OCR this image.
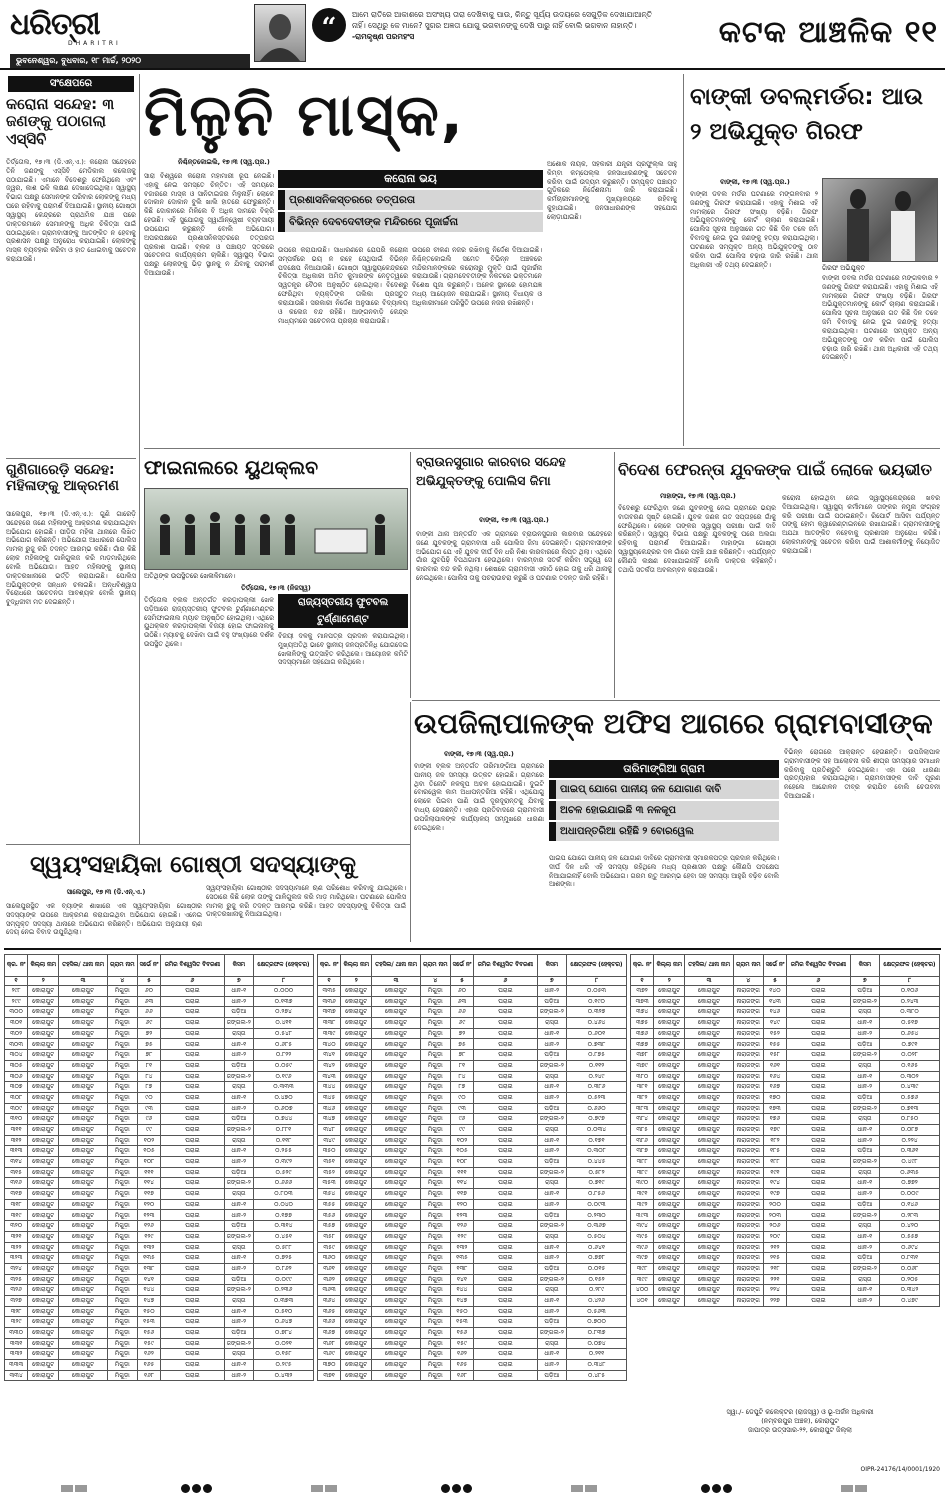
ଧରିତ୍ରୀ
DHARITRI
ଭୁବନେଶ୍ୱର, ବୁଧବାର, ୧୮ ମାର୍ଚ୍ଚ, ୨୦୨୦
“	ଆମେ ରାତିରେ ଆକାଶରେ ଅସଂଖ୍ୟ ତାରା ଦେଖିବାକୁ ପାଉ, କିନ୍ତୁ ସୂର୍ଯ୍ୟ ଉଦୟରେ ସେଗୁଡ଼ିକ ଦେଖାଯାଆନ୍ତି ନାହିଁ। ସେଥିରୁ କେ ମାନେ? ସୁଗର ଅଜ୍ଞତା ଯୋଗୁ ଭଗବାନଙ୍କୁ ଦେଖି ପାରୁ ନାହିଁ ବୋଲି ଭଗବାନ ନାହାନ୍ତି। -ରାମକୃଷ୍ଣ ପରମହଂସ	କଟକ ଆଞ୍ଚଳିକ ୧୧
ସଂକ୍ଷେପରେ
କରୋନା ସନ୍ଦେହ: ୩ ଜଣଙ୍କୁ ପଠାଗଲା ଏସ୍‌ସିବି
ତିର୍ତ୍ତୋଲ, ୧୭।୩ (ଡି.ଏନ୍‌.ଏ.): କରୋନା ସନ୍ଦେହରେ ତିନି ଜଣଙ୍କୁ ଏସ୍‌ସିବି ମେଡିକାଲ କଲେଜକୁ ପଠାଯାଇଛି। ଏମାନେ ବିଦେଶରୁ ଫେରିଥିଲେ ଏବଂ ଜ୍ୱର, କାଶ ଭଳି ଲକ୍ଷଣ ଦେଖାଦେଇଥିଲା। ସ୍ୱାସ୍ଥ୍ୟ ବିଭାଗ ପକ୍ଷରୁ ସେମାନଙ୍କ ପରିବାର ଲୋକଙ୍କୁ ମଧ୍ୟ ଘରେ ରହିବାକୁ ପରାମର୍ଶ ଦିଆଯାଇଛି। ସ୍ଥାନୀୟ ଗୋଷ୍ଠୀ ସ୍ୱାସ୍ଥ୍ୟ କେନ୍ଦ୍ରରେ ପ୍ରାଥମିକ ଯାଞ୍ଚ ପରେ ଡାକ୍ତରମାନେ ସେମାନଙ୍କୁ ଅଧିକ ଚିକିତ୍ସା ପାଇଁ ପଠାଇଥିଲେ। ଗ୍ରାମବାସୀଙ୍କୁ ଆତଙ୍କିତ ନ ହେବାକୁ ପ୍ରଶାସନ ପକ୍ଷରୁ ଅନୁରୋଧ କରାଯାଇଛି। ଲୋକଙ୍କୁ ମାସ୍କ ବ୍ୟବହାର କରିବା ଓ ହାତ ଧୋଇବାକୁ ସଚେତନ କରାଯାଉଛି।
ଗୁଣିଗାରେଡ଼ି ସନ୍ଦେହ: ମହିଳାଙ୍କୁ ଆକ୍ରମଣ
ସାଲେପୁର, ୧୭।୩ (ଡି.ଏନ୍‌.ଏ.): ଗୁଣି ଗାରେଡ଼ି ସନ୍ଦେହରେ ଜଣେ ମହିଳାଙ୍କୁ ଆକ୍ରମଣ କରାଯାଇଥିବା ଅଭିଯୋଗ ହୋଇଛି। ପୀଡ଼ିତା ମହିଳା ଥାନାରେ ଲିଖିତ ଅଭିଯୋଗ କରିଛନ୍ତି। ଅଭିଯୋଗ ଆଧାରରେ ପୋଲିସ ମାମଲା ରୁଜୁ କରି ତଦନ୍ତ ଆରମ୍ଭ କରିଛି। ଗାଁର କିଛି ଲୋକ ମହିଳାଙ୍କୁ ଗାଳିଗୁଲଜ କରି ମାଡ଼ମାରିଥିଲେ ବୋଲି ଅଭିଯୋଗ। ଆହତ ମହିଳାଙ୍କୁ ସ୍ଥାନୀୟ ଡାକ୍ତରଖାନାରେ ଭର୍ତ୍ତି କରାଯାଇଛି। ପୋଲିସ ଅଭିଯୁକ୍ତଙ୍କ ସନ୍ଧାନ ଚଳାଇଛି। ଅନ୍ଧବିଶ୍ୱାସ ବିରୋଧରେ ସଚେତନତା ଆବଶ୍ୟକ ବୋଲି ସ୍ଥାନୀୟ ବୁଦ୍ଧିଜୀବୀ ମତ ଦେଇଛନ୍ତି।
ମିଳୁନି ମାସ୍କ,
ନିଶ୍ଚିନ୍ତକୋଇଲି, ୧୭।୩ (ସ୍ୱ.ପ୍ର.)
କରୋନା ଭୟ
ପ୍ରଶାସନିକସ୍ତରରେ ତତ୍ପରତା
ବିଭିନ୍ନ ଦେବଦେବୀଙ୍କ ମନ୍ଦିରରେ ପୂଜାର୍ଚ୍ଚନା
ସାରା ବିଶ୍ୱରେ କରୋନା ମହାମାରୀ ରୂପ ନେଇଛି। ଏହାକୁ ନେଇ ସମସ୍ତେ ଚିନ୍ତିତ। ଏହି ସମୟରେ ବଜାରରେ ମାସ୍କ ଓ ସାନିଟାଇଜର ମିଳୁନାହିଁ। ଲୋକେ ଦୋକାନ ଦୋକାନ ବୁଲି ଖାଲି ହାତରେ ଫେରୁଛନ୍ତି। କିଛି ଦୋକାନରେ ମିଳିଲେ ବି ଅଧିକ ଦାମରେ ବିକ୍ରି ହେଉଛି। ଏହି ସୁଯୋଗକୁ ସ୍ୱାର୍ଥାନ୍ୱେଷୀ ବ୍ୟବସାୟୀ ଉପଯୋଗ କରୁଛନ୍ତି ବୋଲି ଅଭିଯୋଗ। ଅପରପକ୍ଷରେ ପ୍ରଶାସନିକସ୍ତରରେ ତତ୍ପରତା ପ୍ରକାଶ ପାଇଛି। ବ୍ଲକ ଓ ପଞ୍ଚାୟତ ସ୍ତରରେ ସଚେତନତା କାର୍ଯ୍ୟକ୍ରମ ଚାଲିଛି। ସ୍ୱାସ୍ଥ୍ୟ ବିଭାଗ ପକ୍ଷରୁ ଲୋକଙ୍କୁ ଭିଡ଼ ସ୍ଥାନକୁ ନ ଯିବାକୁ ପରାମର୍ଶ ଦିଆଯାଉଛି।
ଉପରେ କରାଯାଉଛି। ସାଧାରଣରେ ଯେପରି କରୋନା ସମ୍ପର୍କରେ ଭୟ ନ ରହେ ସେଥିପାଇଁ ବିଭିନ୍ନ ପଦକ୍ଷେପ ନିଆଯାଉଛି। ଗୋଷ୍ଠୀ ସ୍ୱାସ୍ଥ୍ୟକେନ୍ଦ୍ରରେ ଚିକିତ୍ସା ଅଧିକାରୀ ଅମିତ କୁମାରଙ୍କ ନେତୃତ୍ୱରେ ସ୍ୱତନ୍ତ୍ର ବୈଠକ ଅନୁଷ୍ଠିତ ହୋଇଥିଲା। ବିଦେଶରୁ ଫେରିଥିବା ବ୍ୟକ୍ତିଙ୍କ ତାଲିକା ପ୍ରସ୍ତୁତ କରାଯାଉଛି। ସରକାରୀ ନିର୍ଦ୍ଦେଶ ଅନୁସାରେ ବିଦ୍ୟାଳୟ ଓ କଲେଜ ବନ୍ଦ ରହିଛି। ଆଙ୍ଗନବାଡ଼ି କେନ୍ଦ୍ର ମାଧ୍ୟମରେ ସଚେତନତା ପ୍ରଚାର କରାଯାଉଛି।
ଉପରେ ଚୀକଣ ନଜର ରଖିବାକୁ ନିର୍ଦ୍ଦେଶ ଦିଆଯାଇଛି। ନିଶ୍ଚିନ୍ତକୋଇଲି ସମେତ ବିଭିନ୍ନ ଅଞ୍ଚଳରେ ମନ୍ଦିରମାନଙ୍କରେ କରୋନାରୁ ମୁକ୍ତି ପାଇଁ ପୂଜାର୍ଚ୍ଚନା କରାଯାଉଛି। ଗ୍ରାମଦେବତୀଙ୍କ ନିକଟରେ ଭକ୍ତମାନେ ବିଶେଷ ପୂଜା କରୁଛନ୍ତି। ଅନେକ ସ୍ଥାନରେ ହୋମଯଜ୍ଞ ମଧ୍ୟ ଆୟୋଜନ କରାଯାଇଛି। ସ୍ଥାନୀୟ ବିଧାୟକ ଓ ଅଧିକାରୀମାନେ ପରିସ୍ଥିତି ଉପରେ ନଜର ରଖିଛନ୍ତି।
ଅଶୋକ ନାୟକ, ସହକାରୀ ଯନ୍ତ୍ରୀ ପ୍ରଫୁଲ୍ଲ ସାହୁ କିମ୍ବା କମ୍ପେଲ୍ଲ ଜନସାଧାରଣଙ୍କୁ ସଚେତନ କରିବା ପାଇଁ ଉଦ୍ୟମ କରୁଛନ୍ତି। ସମ୍ପୃକ୍ତ ପଞ୍ଚାୟତ ଗୁଡ଼ିକରେ ନିର୍ଦ୍ଦେଶନାମା ଜାରି କରାଯାଇଛି। କର୍ମଚାରୀମାନଙ୍କୁ ମୁଖ୍ୟାଳୟରେ ରହିବାକୁ କୁହାଯାଇଛି। ଜନସାଧାରଣଙ୍କ ସହଯୋଗ ଲୋଡ଼ାଯାଇଛି।
ବାଙ୍କୀ ଡବଲ୍‌ମର୍ଡର: ଆଉ ୨ ଅଭିଯୁକ୍ତ ଗିରଫ
ବାଙ୍କୀ, ୧୭।୩ (ସ୍ୱ.ପ୍ର.)
ବାଙ୍କୀ ଡବଲ ମର୍ଡର ଘଟଣାରେ ମଙ୍ଗଳବାର ୨ ଜଣଙ୍କୁ ଗିରଫ କରାଯାଇଛି। ଏହାକୁ ମିଶାଇ ଏହି ମାମଲାରେ ଗିରଫ ସଂଖ୍ୟା ବଢ଼ିଛି। ଗିରଫ ଅଭିଯୁକ୍ତମାନଙ୍କୁ କୋର୍ଟ ଚାଲାଣ କରାଯାଇଛି। ପୋଲିସ ସୂଚନା ଅନୁସାରେ ଗତ କିଛି ଦିନ ତଳେ ଜମି ବିବାଦକୁ ନେଇ ଦୁଇ ଜଣଙ୍କୁ ହତ୍ୟା କରାଯାଇଥିଲା। ଘଟଣାରେ ସମ୍ପୃକ୍ତ ଅନ୍ୟ ଅଭିଯୁକ୍ତଙ୍କୁ ଠାବ କରିବା ପାଇଁ ପୋଲିସ ଚଢ଼ାଉ ଜାରି ରଖିଛି। ଥାନା ଅଧିକାରୀ ଏହି ତଥ୍ୟ ଦେଇଛନ୍ତି।	ଗିରଫ ଅଭିଯୁକ୍ତ
ବାଙ୍କୀ ଡବଲ ମର୍ଡର ଘଟଣାରେ ମଙ୍ଗଳବାର ୨ ଜଣଙ୍କୁ ଗିରଫ କରାଯାଇଛି। ଏହାକୁ ମିଶାଇ ଏହି ମାମଲାରେ ଗିରଫ ସଂଖ୍ୟା ବଢ଼ିଛି। ଗିରଫ ଅଭିଯୁକ୍ତମାନଙ୍କୁ କୋର୍ଟ ଚାଲାଣ କରାଯାଇଛି। ପୋଲିସ ସୂଚନା ଅନୁସାରେ ଗତ କିଛି ଦିନ ତଳେ ଜମି ବିବାଦକୁ ନେଇ ଦୁଇ ଜଣଙ୍କୁ ହତ୍ୟା କରାଯାଇଥିଲା। ଘଟଣାରେ ସମ୍ପୃକ୍ତ ଅନ୍ୟ ଅଭିଯୁକ୍ତଙ୍କୁ ଠାବ କରିବା ପାଇଁ ପୋଲିସ ଚଢ଼ାଉ ଜାରି ରଖିଛି। ଥାନା ଅଧିକାରୀ ଏହି ତଥ୍ୟ ଦେଇଛନ୍ତି।
ଫାଇନାଲରେ ୟୁଥକ୍ଲବ
ଅତିଥିଙ୍କ ଉପସ୍ଥିତରେ ଖେଳାଳିମାନେ।
ତିର୍ତ୍ତୋଲ, ୧୭।୩ (ନିଜସ୍ୱ)
ରାଜ୍ୟସ୍ତରୀୟ ଫୁଟବଲ ଟୁର୍ଣ୍ଣାମେଣ୍ଟ
ତିର୍ତ୍ତୋଲ ବ୍ଲକ ଅନ୍ତର୍ଗତ କରଡ଼ାପଲ୍ଲୀ ଖେଳ ପଡ଼ିଆରେ ରାଜ୍ୟସ୍ତରୀୟ ଫୁଟବଲ ଟୁର୍ଣ୍ଣାମେଣ୍ଟର ସେମିଫାଇନାଲ ମ୍ୟାଚ ଅନୁଷ୍ଠିତ ହୋଇଥିଲା। ଏଥିରେ ୟୁଥକ୍ଲବ କରଡ଼ାପଲ୍ଲୀ ବିଜୟୀ ହୋଇ ଫାଇନାଲକୁ ଉଠିଛି। ମ୍ୟାଚକୁ ଦେଖିବା ପାଇଁ ବହୁ ସଂଖ୍ୟାରେ ଦର୍ଶକ ଉପସ୍ଥିତ ଥିଲେ।
ବିଜୟୀ ଦଳକୁ ମାନପତ୍ର ପ୍ରଦାନ କରାଯାଇଥିଲା। ମୁଖ୍ୟଅତିଥି ଭାବେ ସ୍ଥାନୀୟ ଜନପ୍ରତିନିଧି ଯୋଗଦେଇ ଖେଳାଳିଙ୍କୁ ଉତ୍ସାହିତ କରିଥିଲେ। ଆୟୋଜକ କମିଟି ସଦସ୍ୟମାନେ ସହଯୋଗ କରିଥିଲେ।
ବ୍ରାଉନସୁଗାର କାରବାର ସନ୍ଦେହ ଅଭିଯୁକ୍ତଙ୍କୁ ପୋଲିସ ଜିମା
ବାଙ୍କୀ, ୧୭।୩ (ସ୍ୱ.ପ୍ର.)
ବାଙ୍କୀ ଥାନା ଅନ୍ତର୍ଗତ ଏକ ଗ୍ରାମରେ ବ୍ରାଉନସୁଗାର କାରବାର ସନ୍ଦେହରେ ଜଣେ ଯୁବକଙ୍କୁ ଗ୍ରାମବାସୀ ଧରି ପୋଲିସ ଜିମା ଦେଇଛନ୍ତି। ଗ୍ରାମବାସୀଙ୍କ ଅଭିଯୋଗ ଯେ ଏହି ଯୁବକ ଦୀର୍ଘ ଦିନ ଧରି ନିଶା କାରବାରରେ ଲିପ୍ତ ଥିଲା। ଏଥିରେ ଗାଁର ଯୁବପିଢ଼ି ବିପଥଗାମୀ ହେଉଥିଲେ। ବାରମ୍ବାର ସତର୍କ କରିବା ସତ୍ତ୍ୱେ ସେ କାରବାର ବନ୍ଦ କରି ନଥିଲା। ଶେଷରେ ଗ୍ରାମବାସୀ ଏକାଠି ହୋଇ ତାକୁ ଧରି ଥାନାକୁ ନେଇଥିଲେ। ପୋଲିସ ତାକୁ ପଚରାଉଚରା କରୁଛି ଓ ଘଟଣାର ତଦନ୍ତ ଜାରି ରହିଛି।
ବିଦେଶ ଫେରନ୍ତା ଯୁବକଙ୍କ ପାଇଁ ଲୋକେ ଭୟଭୀତ
ମାହାଙ୍ଗା, ୧୭।୩ (ସ୍ୱ.ପ୍ର.)
ବିଦେଶରୁ ଫେରିଥିବା ଜଣେ ଯୁବକଙ୍କୁ ନେଇ ଗ୍ରାମରେ ଭୟର ବାତାବରଣ ସୃଷ୍ଟି ହୋଇଛି। ଯୁବକ ଜଣକ ଗତ ସପ୍ତାହରେ ଗାଁକୁ ଫେରିଥିଲେ। ଲୋକେ ତାଙ୍କର ସ୍ୱାସ୍ଥ୍ୟ ପରୀକ୍ଷା ପାଇଁ ଦାବି କରିଛନ୍ତି। ସ୍ୱାସ୍ଥ୍ୟ ବିଭାଗ ପକ୍ଷରୁ ଯୁବକଙ୍କୁ ଘରେ ଅଲଗା ରହିବାକୁ ପରାମର୍ଶ ଦିଆଯାଇଛି। ମାହାଙ୍ଗା ଗୋଷ୍ଠୀ ସ୍ୱାସ୍ଥ୍ୟକେନ୍ଦ୍ରର ଦଳ ଗାଁରେ ପହଞ୍ଚି ଯାଞ୍ଚ କରିଛନ୍ତି। ଏପର୍ଯ୍ୟନ୍ତ କୌଣସି ଲକ୍ଷଣ ଦେଖାଯାଇନାହିଁ ବୋଲି ଡାକ୍ତର କହିଛନ୍ତି। ତଥାପି ସତର୍କତା ଅବଲମ୍ବନ କରାଯାଉଛି।
କରୋନା ହୋଇଥିବା ନେଇ ସ୍ୱାସ୍ଥ୍ୟକେନ୍ଦ୍ରରେ ଖବର ଦିଆଯାଇଥିଲା। ସ୍ୱାସ୍ଥ୍ୟ କର୍ମୀମାନେ ତାଙ୍କର ନମୁନା ସଂଗ୍ରହ କରି ପରୀକ୍ଷା ପାଇଁ ପଠାଇଛନ୍ତି। ରିପୋର୍ଟ ଆସିବା ପର୍ଯ୍ୟନ୍ତ ତାଙ୍କୁ ହୋମ କ୍ୱାରେଣ୍ଟାଇନରେ ରଖାଯାଇଛି। ଗ୍ରାମବାସୀଙ୍କୁ ଅଯଥା ଆତଙ୍କିତ ନହେବାକୁ ପ୍ରଶାସନ ଅନୁରୋଧ କରିଛି। ଲୋକମାନଙ୍କୁ ସଚେତନ କରିବା ପାଇଁ ଆଶାକର୍ମୀଙ୍କୁ ନିୟୋଜିତ କରାଯାଇଛି।
ଉପଜିଲାପାଳଙ୍କ ଅଫିସ ଆଗରେ ଗ୍ରାମବାସୀଙ୍କ
ବାଙ୍କୀ, ୧୭।୩ (ସ୍ୱ.ପ୍ର.)
ତାରିମାଙ୍ଗିଆ ଗ୍ରାମ
ପାଇପ୍‌ ଯୋଗେ ପାନୀୟ ଜଳ ଯୋଗାଣ ଦାବି
ଅଚଳ ହୋଇଯାଇଛି ୩ ନଳକୂପ
ଅଧାପନ୍ତରିଆ ରହିଛି ୨ ବୋରୱେଲ
ବାଙ୍କୀ ବ୍ଲକ ଅନ୍ତର୍ଗତ ତାରିମାଙ୍ଗିଆ ଗ୍ରାମରେ ପାନୀୟ ଜଳ ସମସ୍ୟା ଉତ୍କଟ ହୋଇଛି। ଗ୍ରାମରେ ଥିବା ତିନୋଟି ନଳକୂପ ଅଚଳ ହୋଇଯାଇଛି। ଦୁଇଟି ବୋରୱେଲ କାମ ଅଧାପନ୍ତରିଆ ରହିଛି। ଏଥିଯୋଗୁ ଲୋକେ ପିଇବା ପାଣି ପାଇଁ ଦୂରଦୂରାନ୍ତକୁ ଯିବାକୁ ବାଧ୍ୟ ହେଉଛନ୍ତି। ଏହାର ପ୍ରତିବାଦରେ ଗ୍ରାମବାସୀ ଉପଜିଲାପାଳଙ୍କ କାର୍ଯ୍ୟାଳୟ ସମ୍ମୁଖରେ ଧାରଣା ଦେଇଥିଲେ।
ପାଇପ ଯୋଗେ ପାନୀୟ ଜଳ ଯୋଗାଣ ଦାବିରେ ଗ୍ରାମବାସୀ ସ୍ମାରକପତ୍ର ପ୍ରଦାନ କରିଥିଲେ। ଦୀର୍ଘ ଦିନ ଧରି ଏହି ସମସ୍ୟା ରହିଥିଲେ ମଧ୍ୟ ପ୍ରଶାସନ ପକ୍ଷରୁ କୌଣସି ପଦକ୍ଷେପ ନିଆଯାଇନାହିଁ ବୋଲି ଅଭିଯୋଗ। ଗରମ ଋତୁ ଆରମ୍ଭ ହେବା ସହ ସମସ୍ୟା ଆହୁରି ବଢ଼ିବ ବୋଲି ଆଶଙ୍କା।
ବିଭିନ୍ନ ରୋଗରେ ଆକ୍ରାନ୍ତ ହେଉଛନ୍ତି। ଉପଜିଲାପାଳ ଗ୍ରାମବାସୀଙ୍କ ସହ ଆଲୋଚନା କରି ଶୀଘ୍ର ସମସ୍ୟାର ସମାଧାନ କରିବାକୁ ପ୍ରତିଶ୍ରୁତି ଦେଇଥିଲେ। ଏହା ପରେ ଧାରଣା ପ୍ରତ୍ୟାହାର କରାଯାଇଥିଲା। ଗ୍ରାମବାସୀଙ୍କ ଦାବି ପୂରଣ ନହେଲେ ଆନ୍ଦୋଳନ ତୀବ୍ର କରାଯିବ ବୋଲି ଚେତାବନୀ ଦିଆଯାଇଛି।
ସ୍ୱୟଂସହାୟିକା ଗୋଷ୍ଠୀ ସଦସ୍ୟାଙ୍କୁ
ସାଲେପୁର, ୧୭।୩ (ଡି.ଏନ୍‌.ଏ.)
ସାଲେପୁରସ୍ଥିତ ଏକ ବ୍ୟାଙ୍କ ଶାଖାରେ ଏକ ସ୍ୱୟଂସହାୟିକା ଗୋଷ୍ଠୀର ସଦସ୍ୟାଙ୍କ ଉପରେ ଆକ୍ରମଣ କରାଯାଇଥିବା ଅଭିଯୋଗ ହୋଇଛି। ଏନେଇ ସମ୍ପୃକ୍ତ ସଦସ୍ୟା ଥାନାରେ ଅଭିଯୋଗ କରିଛନ୍ତି। ଅଭିଯୋଗ ଅନୁଯାୟୀ ଋଣ ଦେୟ ନେଇ ବିବାଦ ଉପୁଜିଥିଲା।
ସ୍ୱୟଂସହାୟିକା ଗୋଷ୍ଠୀର ସଦସ୍ୟାମାନେ ଋଣ ପରିଶୋଧ କରିବାକୁ ଯାଇଥିଲେ। ସେଠାରେ କିଛି ଲୋକ ତାଙ୍କୁ ଗାଳିଗୁଲଜ କରି ମାଡ଼ ମାରିଥିଲେ। ଘଟଣାରେ ପୋଲିସ ମାମଲା ରୁଜୁ କରି ତଦନ୍ତ ଆରମ୍ଭ କରିଛି। ଆହତ ସଦସ୍ୟାଙ୍କୁ ଚିକିତ୍ସା ପାଇଁ ଡାକ୍ତରଖାନାକୁ ନିଆଯାଇଥିଲା।
କ୍ର. ନଂ	କିଲ୍ଲା ନାମ	ତହସିଲ/ ଥାନା ନାମ	ଗ୍ରାମ ନାମ	ସର୍ଭେ ନଂ	ଜମିର ବିଶ୍ୱସିତ ବିବରଣୀ	କିସମ	କ୍ଷେତ୍ରଫଳ (ହେକ୍ଟର)
୧	୨	୩	୪	୫	୬	୭	୮
୨୯୮	କୋରାପୁଟ	କୋରାପୁଟ	ମିଗୁଡ଼ା	୬୦	ଘରାଇ	ଧାନ-୧	୦.୦୦୦
୨୯୯	କୋରାପୁଟ	କୋରାପୁଟ	ମିଗୁଡ଼ା	୬୩	ଘରାଇ	ଧାନ-୨	୦.୧୩୭
୩୦୦	କୋରାପୁଟ	କୋରାପୁଟ	ମିଗୁଡ଼ା	୬୬	ଘରାଇ	ପଡ଼ିଆ	୦.୨୭୪
୩୦୧	କୋରାପୁଟ	କୋରାପୁଟ	ମିଗୁଡ଼ା	୬୯	ଘରାଇ	ଜଙ୍ଗଲ-୨	୦.୪୧୧
୩୦୨	କୋରାପୁଟ	କୋରାପୁଟ	ମିଗୁଡ଼ା	୭୨	ଘରାଇ	ରାସ୍ତା	୦.୫୪୮
୩୦୩	କୋରାପୁଟ	କୋରାପୁଟ	ମିଗୁଡ଼ା	୭୫	ଘରାଇ	ଧାନ-୧	୦.୬୮୫
୩୦୪	କୋରାପୁଟ	କୋରାପୁଟ	ମିଗୁଡ଼ା	୭୮	ଘରାଇ	ଧାନ-୨	୦.୮୨୨
୩୦୫	କୋରାପୁଟ	କୋରାପୁଟ	ମିଗୁଡ଼ା	୮୧	ଘରାଇ	ପଡ଼ିଆ	୦.୦୫୯
୩୦୬	କୋରାପୁଟ	କୋରାପୁଟ	ମିଗୁଡ଼ା	୮୪	ଘରାଇ	ଜଙ୍ଗଲ-୨	୦.୧୯୬
୩୦୭	କୋରାପୁଟ	କୋରାପୁଟ	ମିଗୁଡ଼ା	୮୭	ଘରାଇ	ରାସ୍ତା	୦.୩୩୩
୩୦୮	କୋରାପୁଟ	କୋରାପୁଟ	ମିଗୁଡ଼ା	୯୦	ଘରାଇ	ଧାନ-୧	୦.୪୭୦
୩୦୯	କୋରାପୁଟ	କୋରାପୁଟ	ମିଗୁଡ଼ା	୯୩	ଘରାଇ	ଧାନ-୨	୦.୬୦୭
୩୧୦	କୋରାପୁଟ	କୋରାପୁଟ	ମିଗୁଡ଼ା	୯୬	ଘରାଇ	ପଡ଼ିଆ	୦.୭୪୪
୩୧୧	କୋରାପୁଟ	କୋରାପୁଟ	ମିଗୁଡ଼ା	୯୯	ଘରାଇ	ଜଙ୍ଗଲ-୨	୦.୮୮୧
୩୧୨	କୋରାପୁଟ	କୋରାପୁଟ	ମିଗୁଡ଼ା	୧୦୨	ଘରାଇ	ରାସ୍ତା	୦.୧୧୮
୩୧୩	କୋରାପୁଟ	କୋରାପୁଟ	ମିଗୁଡ଼ା	୧୦୫	ଘରାଇ	ଧାନ-୧	୦.୨୫୫
୩୧୪	କୋରାପୁଟ	କୋରାପୁଟ	ମିଗୁଡ଼ା	୧୦୮	ଘରାଇ	ଧାନ-୨	୦.୩୯୨
୩୧୫	କୋରାପୁଟ	କୋରାପୁଟ	ମିଗୁଡ଼ା	୧୧୧	ଘରାଇ	ପଡ଼ିଆ	୦.୫୨୯
୩୧୬	କୋରାପୁଟ	କୋରାପୁଟ	ମିଗୁଡ଼ା	୧୧୪	ଘରାଇ	ଜଙ୍ଗଲ-୨	୦.୬୬୬
୩୧୭	କୋରାପୁଟ	କୋରାପୁଟ	ମିଗୁଡ଼ା	୧୧୭	ଘରାଇ	ରାସ୍ତା	୦.୮୦୩
୩୧୮	କୋରାପୁଟ	କୋରାପୁଟ	ମିଗୁଡ଼ା	୧୨୦	ଘରାଇ	ଧାନ-୧	୦.୦୪୦
୩୧୯	କୋରାପୁଟ	କୋରାପୁଟ	ମିଗୁଡ଼ା	୧୨୩	ଘରାଇ	ଧାନ-୨	୦.୧୭୭
୩୨୦	କୋରାପୁଟ	କୋରାପୁଟ	ମିଗୁଡ଼ା	୧୨୬	ଘରାଇ	ପଡ଼ିଆ	୦.୩୧୪
୩୨୧	କୋରାପୁଟ	କୋରାପୁଟ	ମିଗୁଡ଼ା	୧୨୯	ଘରାଇ	ଜଙ୍ଗଲ-୨	୦.୪୫୧
୩୨୨	କୋରାପୁଟ	କୋରାପୁଟ	ମିଗୁଡ଼ା	୧୩୨	ଘରାଇ	ରାସ୍ତା	୦.୫୮୮
୩୨୩	କୋରାପୁଟ	କୋରାପୁଟ	ମିଗୁଡ଼ା	୧୩୫	ଘରାଇ	ଧାନ-୧	୦.୭୨୫
୩୨୪	କୋରାପୁଟ	କୋରାପୁଟ	ମିଗୁଡ଼ା	୧୩୮	ଘରାଇ	ଧାନ-୨	୦.୮୬୨
୩୨୫	କୋରାପୁଟ	କୋରାପୁଟ	ମିଗୁଡ଼ା	୧୪୧	ଘରାଇ	ପଡ଼ିଆ	୦.୦୯୯
୩୨୬	କୋରାପୁଟ	କୋରାପୁଟ	ମିଗୁଡ଼ା	୧୪୪	ଘରାଇ	ଜଙ୍ଗଲ-୨	୦.୨୩୬
୩୨୭	କୋରାପୁଟ	କୋରାପୁଟ	ମିଗୁଡ଼ା	୧୪୭	ଘରାଇ	ରାସ୍ତା	୦.୩୭୩
୩୨୮	କୋରାପୁଟ	କୋରାପୁଟ	ମିଗୁଡ଼ା	୧୫୦	ଘରାଇ	ଧାନ-୧	୦.୫୧୦
୩୨୯	କୋରାପୁଟ	କୋରାପୁଟ	ମିଗୁଡ଼ା	୧୫୩	ଘରାଇ	ଧାନ-୨	୦.୬୪୭
୩୩୦	କୋରାପୁଟ	କୋରାପୁଟ	ମିଗୁଡ଼ା	୧୫୬	ଘରାଇ	ପଡ଼ିଆ	୦.୭୮୪
୩୩୧	କୋରାପୁଟ	କୋରାପୁଟ	ମିଗୁଡ଼ା	୧୫୯	ଘରାଇ	ଜଙ୍ଗଲ-୨	୦.୦୨୧
୩୩୨	କୋରାପୁଟ	କୋରାପୁଟ	ମିଗୁଡ଼ା	୧୬୨	ଘରାଇ	ରାସ୍ତା	୦.୧୫୮
୩୩୩	କୋରାପୁଟ	କୋରାପୁଟ	ମିଗୁଡ଼ା	୧୬୫	ଘରାଇ	ଧାନ-୧	୦.୨୯୫
୩୩୪	କୋରାପୁଟ	କୋରାପୁଟ	ମିଗୁଡ଼ା	୧୬୮	ଘରାଇ	ଧାନ-୨	୦.୪୩୨
କ୍ର. ନଂ	କିଲ୍ଲା ନାମ	ତହସିଲ/ ଥାନା ନାମ	ଗ୍ରାମ ନାମ	ସର୍ଭେ ନଂ	ଜମିର ବିଶ୍ୱସିତ ବିବରଣୀ	କିସମ	କ୍ଷେତ୍ରଫଳ (ହେକ୍ଟର)
୧	୨	୩	୪	୫	୬	୭	୮
୩୩୫	କୋରାପୁଟ	କୋରାପୁଟ	ମିଗୁଡ଼ା	୬୦	ଘରାଇ	ଧାନ-୨	୦.୦୫୩
୩୩୬	କୋରାପୁଟ	କୋରାପୁଟ	ମିଗୁଡ଼ା	୬୩	ଘରାଇ	ପଡ଼ିଆ	୦.୧୯୦
୩୩୭	କୋରାପୁଟ	କୋରାପୁଟ	ମିଗୁଡ଼ା	୬୬	ଘରାଇ	ଜଙ୍ଗଲ-୨	୦.୩୨୭
୩୩୮	କୋରାପୁଟ	କୋରାପୁଟ	ମିଗୁଡ଼ା	୬୯	ଘରାଇ	ରାସ୍ତା	୦.୪୬୪
୩୩୯	କୋରାପୁଟ	କୋରାପୁଟ	ମିଗୁଡ଼ା	୭୨	ଘରାଇ	ଧାନ-୧	୦.୬୦୧
୩୪୦	କୋରାପୁଟ	କୋରାପୁଟ	ମିଗୁଡ଼ା	୭୫	ଘରାଇ	ଧାନ-୨	୦.୭୩୮
୩୪୧	କୋରାପୁଟ	କୋରାପୁଟ	ମିଗୁଡ଼ା	୭୮	ଘରାଇ	ପଡ଼ିଆ	୦.୮୭୫
୩୪୨	କୋରାପୁଟ	କୋରାପୁଟ	ମିଗୁଡ଼ା	୮୧	ଘରାଇ	ଜଙ୍ଗଲ-୨	୦.୧୧୨
୩୪୩	କୋରାପୁଟ	କୋରାପୁଟ	ମିଗୁଡ଼ା	୮୪	ଘରାଇ	ରାସ୍ତା	୦.୨୪୯
୩୪୪	କୋରାପୁଟ	କୋରାପୁଟ	ମିଗୁଡ଼ା	୮୭	ଘରାଇ	ଧାନ-୧	୦.୩୮୬
୩୪୫	କୋରାପୁଟ	କୋରାପୁଟ	ମିଗୁଡ଼ା	୯୦	ଘରାଇ	ଧାନ-୨	୦.୫୨୩
୩୪୬	କୋରାପୁଟ	କୋରାପୁଟ	ମିଗୁଡ଼ା	୯୩	ଘରାଇ	ପଡ଼ିଆ	୦.୬୬୦
୩୪୭	କୋରାପୁଟ	କୋରାପୁଟ	ମିଗୁଡ଼ା	୯୬	ଘରାଇ	ଜଙ୍ଗଲ-୨	୦.୭୯୭
୩୪୮	କୋରାପୁଟ	କୋରାପୁଟ	ମିଗୁଡ଼ା	୯୯	ଘରାଇ	ରାସ୍ତା	୦.୦୩୪
୩୪୯	କୋରାପୁଟ	କୋରାପୁଟ	ମିଗୁଡ଼ା	୧୦୨	ଘରାଇ	ଧାନ-୧	୦.୧୭୧
୩୫୦	କୋରାପୁଟ	କୋରାପୁଟ	ମିଗୁଡ଼ା	୧୦୫	ଘରାଇ	ଧାନ-୨	୦.୩୦୮
୩୫୧	କୋରାପୁଟ	କୋରାପୁଟ	ମିଗୁଡ଼ା	୧୦୮	ଘରାଇ	ପଡ଼ିଆ	୦.୪୪୫
୩୫୨	କୋରାପୁଟ	କୋରାପୁଟ	ମିଗୁଡ଼ା	୧୧୧	ଘରାଇ	ଜଙ୍ଗଲ-୨	୦.୫୮୨
୩୫୩	କୋରାପୁଟ	କୋରାପୁଟ	ମିଗୁଡ଼ା	୧୧୪	ଘରାଇ	ରାସ୍ତା	୦.୭୧୯
୩୫୪	କୋରାପୁଟ	କୋରାପୁଟ	ମିଗୁଡ଼ା	୧୧୭	ଘରାଇ	ଧାନ-୧	୦.୮୫୬
୩୫୫	କୋରାପୁଟ	କୋରାପୁଟ	ମିଗୁଡ଼ା	୧୨୦	ଘରାଇ	ଧାନ-୨	୦.୦୯୩
୩୫୬	କୋରାପୁଟ	କୋରାପୁଟ	ମିଗୁଡ଼ା	୧୨୩	ଘରାଇ	ପଡ଼ିଆ	୦.୨୩୦
୩୫୭	କୋରାପୁଟ	କୋରାପୁଟ	ମିଗୁଡ଼ା	୧୨୬	ଘରାଇ	ଜଙ୍ଗଲ-୨	୦.୩୬୭
୩୫୮	କୋରାପୁଟ	କୋରାପୁଟ	ମିଗୁଡ଼ା	୧୨୯	ଘରାଇ	ରାସ୍ତା	୦.୫୦୪
୩୫୯	କୋରାପୁଟ	କୋରାପୁଟ	ମିଗୁଡ଼ା	୧୩୨	ଘରାଇ	ଧାନ-୧	୦.୬୪୧
୩୬୦	କୋରାପୁଟ	କୋରାପୁଟ	ମିଗୁଡ଼ା	୧୩୫	ଘରାଇ	ଧାନ-୨	୦.୭୭୮
୩୬୧	କୋରାପୁଟ	କୋରାପୁଟ	ମିଗୁଡ଼ା	୧୩୮	ଘରାଇ	ପଡ଼ିଆ	୦.୦୧୫
୩୬୨	କୋରାପୁଟ	କୋରାପୁଟ	ମିଗୁଡ଼ା	୧୪୧	ଘରାଇ	ଜଙ୍ଗଲ-୨	୦.୧୫୨
୩୬୩	କୋରାପୁଟ	କୋରାପୁଟ	ମିଗୁଡ଼ା	୧୪୪	ଘରାଇ	ରାସ୍ତା	୦.୨୮୯
୩୬୪	କୋରାପୁଟ	କୋରାପୁଟ	ମିଗୁଡ଼ା	୧୪୭	ଘରାଇ	ଧାନ-୧	୦.୪୨୬
୩୬୫	କୋରାପୁଟ	କୋରାପୁଟ	ମିଗୁଡ଼ା	୧୫୦	ଘରାଇ	ଧାନ-୨	୦.୫୬୩
୩୬୬	କୋରାପୁଟ	କୋରାପୁଟ	ମିଗୁଡ଼ା	୧୫୩	ଘରାଇ	ପଡ଼ିଆ	୦.୭୦୦
୩୬୭	କୋରାପୁଟ	କୋରାପୁଟ	ମିଗୁଡ଼ା	୧୫୬	ଘରାଇ	ଜଙ୍ଗଲ-୨	୦.୮୩୭
୩୬୮	କୋରାପୁଟ	କୋରାପୁଟ	ମିଗୁଡ଼ା	୧୫୯	ଘରାଇ	ରାସ୍ତା	୦.୦୭୪
୩୬୯	କୋରାପୁଟ	କୋରାପୁଟ	ମିଗୁଡ଼ା	୧୬୨	ଘରାଇ	ଧାନ-୧	୦.୨୧୧
୩୭୦	କୋରାପୁଟ	କୋରାପୁଟ	ମିଗୁଡ଼ା	୧୬୫	ଘରାଇ	ଧାନ-୨	୦.୩୪୮
୩୭୧	କୋରାପୁଟ	କୋରାପୁଟ	ମିଗୁଡ଼ା	୧୬୮	ଘରାଇ	ପଡ଼ିଆ	୦.୪୮୫
କ୍ର. ନଂ	କିଲ୍ଲା ନାମ	ତହସିଲ/ ଥାନା ନାମ	ଗ୍ରାମ ନାମ	ସର୍ଭେ ନଂ	ଜମିର ବିଶ୍ୱସିତ ବିବରଣୀ	କିସମ	କ୍ଷେତ୍ରଫଳ (ହେକ୍ଟର)
୧	୨	୩	୪	୫	୬	୭	୮
୩୭୨	କୋରାପୁଟ	କୋରାପୁଟ	ନାରାଜଙ୍ଗ	୧୪୦	ଘରାଇ	ପଡ଼ିଆ	୦.୧୦୬
୩୭୩	କୋରାପୁଟ	କୋରାପୁଟ	ନାରାଜଙ୍ଗ	୧୪୩	ଘରାଇ	ଜଙ୍ଗଲ-୨	୦.୨୪୩
୩୭୪	କୋରାପୁଟ	କୋରାପୁଟ	ନାରାଜଙ୍ଗ	୧୪୬	ଘରାଇ	ରାସ୍ତା	୦.୩୮୦
୩୭୫	କୋରାପୁଟ	କୋରାପୁଟ	ନାରାଜଙ୍ଗ	୧୪୯	ଘରାଇ	ଧାନ-୧	୦.୫୧୭
୩୭୬	କୋରାପୁଟ	କୋରାପୁଟ	ନାରାଜଙ୍ଗ	୧୫୨	ଘରାଇ	ଧାନ-୨	୦.୬୫୪
୩୭୭	କୋରାପୁଟ	କୋରାପୁଟ	ନାରାଜଙ୍ଗ	୧୫୫	ଘରାଇ	ପଡ଼ିଆ	୦.୭୯୧
୩୭୮	କୋରାପୁଟ	କୋରାପୁଟ	ନାରାଜଙ୍ଗ	୧୫୮	ଘରାଇ	ଜଙ୍ଗଲ-୨	୦.୦୨୮
୩୭୯	କୋରାପୁଟ	କୋରାପୁଟ	ନାରାଜଙ୍ଗ	୧୬୧	ଘରାଇ	ରାସ୍ତା	୦.୧୬୫
୩୮୦	କୋରାପୁଟ	କୋରାପୁଟ	ନାରାଜଙ୍ଗ	୧୬୪	ଘରାଇ	ଧାନ-୧	୦.୩୦୨
୩୮୧	କୋରାପୁଟ	କୋରାପୁଟ	ନାରାଜଙ୍ଗ	୧୬୭	ଘରାଇ	ଧାନ-୨	୦.୪୩୯
୩୮୨	କୋରାପୁଟ	କୋରାପୁଟ	ନାରାଜଙ୍ଗ	୧୭୦	ଘରାଇ	ପଡ଼ିଆ	୦.୫୭୬
୩୮୩	କୋରାପୁଟ	କୋରାପୁଟ	ନାରାଜଙ୍ଗ	୧୭୩	ଘରାଇ	ଜଙ୍ଗଲ-୨	୦.୭୧୩
୩୮୪	କୋରାପୁଟ	କୋରାପୁଟ	ନାରାଜଙ୍ଗ	୧୭୬	ଘରାଇ	ରାସ୍ତା	୦.୮୫୦
୩୮୫	କୋରାପୁଟ	କୋରାପୁଟ	ନାରାଜଙ୍ଗ	୧୭୯	ଘରାଇ	ଧାନ-୧	୦.୦୮୭
୩୮୬	କୋରାପୁଟ	କୋରାପୁଟ	ନାରାଜଙ୍ଗ	୧୮୨	ଘରାଇ	ଧାନ-୨	୦.୨୨୪
୩୮୭	କୋରାପୁଟ	କୋରାପୁଟ	ନାରାଜଙ୍ଗ	୧୮୫	ଘରାଇ	ପଡ଼ିଆ	୦.୩୬୧
୩୮୮	କୋରାପୁଟ	କୋରାପୁଟ	ନାରାଜଙ୍ଗ	୧୮୮	ଘରାଇ	ଜଙ୍ଗଲ-୨	୦.୪୯୮
୩୮୯	କୋରାପୁଟ	କୋରାପୁଟ	ନାରାଜଙ୍ଗ	୧୯୧	ଘରାଇ	ରାସ୍ତା	୦.୬୩୫
୩୯୦	କୋରାପୁଟ	କୋରାପୁଟ	ନାରାଜଙ୍ଗ	୧୯୪	ଘରାଇ	ଧାନ-୧	୦.୭୭୨
୩୯୧	କୋରାପୁଟ	କୋରାପୁଟ	ନାରାଜଙ୍ଗ	୧୯୭	ଘରାଇ	ଧାନ-୨	୦.୦୦୯
୩୯୨	କୋରାପୁଟ	କୋରାପୁଟ	ନାରାଜଙ୍ଗ	୨୦୦	ଘରାଇ	ପଡ଼ିଆ	୦.୧୪୬
୩୯୩	କୋରାପୁଟ	କୋରାପୁଟ	ନାରାଜଙ୍ଗ	୨୦୩	ଘରାଇ	ଜଙ୍ଗଲ-୨	୦.୨୮୩
୩୯୪	କୋରାପୁଟ	କୋରାପୁଟ	ନାରାଜଙ୍ଗ	୨୦୬	ଘରାଇ	ରାସ୍ତା	୦.୪୨୦
୩୯୫	କୋରାପୁଟ	କୋରାପୁଟ	ନାରାଜଙ୍ଗ	୨୦୯	ଘରାଇ	ଧାନ-୧	୦.୫୫୭
୩୯୬	କୋରାପୁଟ	କୋରାପୁଟ	ନାରାଜଙ୍ଗ	୨୧୨	ଘରାଇ	ଧାନ-୨	୦.୬୯୪
୩୯୭	କୋରାପୁଟ	କୋରାପୁଟ	ନାରାଜଙ୍ଗ	୨୧୫	ଘରାଇ	ପଡ଼ିଆ	୦.୮୩୧
୩୯୮	କୋରାପୁଟ	କୋରାପୁଟ	ନାରାଜଙ୍ଗ	୨୧୮	ଘରାଇ	ଜଙ୍ଗଲ-୨	୦.୦୬୮
୩୯୯	କୋରାପୁଟ	କୋରାପୁଟ	ନାରାଜଙ୍ଗ	୨୨୧	ଘରାଇ	ରାସ୍ତା	୦.୨୦୫
୪୦୦	କୋରାପୁଟ	କୋରାପୁଟ	ନାରାଜଙ୍ଗ	୨୨୪	ଘରାଇ	ଧାନ-୧	୦.୩୪୨
୪୦୧	କୋରାପୁଟ	କୋରାପୁଟ	ନାରାଜଙ୍ଗ	୨୨୭	ଘରାଇ	ଧାନ-୨	୦.୪୭୯
ସ୍ୱା./- ଡେପୁଟି କଲେକ୍ଟର (ରାଜସ୍ୱ) ଓ ଭୂ-ଅର୍ଜନ ଅଧିକାରୀ
(ନମ୍ବରପୁର ଅଞ୍ଚଳ), କୋରାପୁଟ
ଜାପାତ୍ର ଉତ୍ସସାର-୨୨, କୋରାପୁଟ ଜିଲ୍ଲା
OIPR-24176/14/0001/1920
